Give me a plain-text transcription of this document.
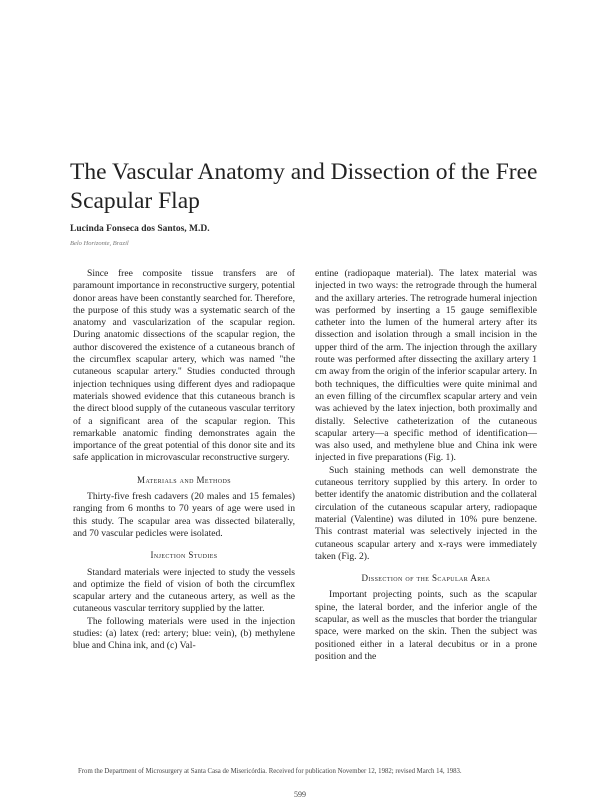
The Vascular Anatomy and Dissection of the Free Scapular Flap
Lucinda Fonseca dos Santos, M.D.
Belo Horizonte, Brazil

Since free composite tissue transfers are of paramount importance in reconstructive surgery, potential donor areas have been constantly searched for. Therefore, the purpose of this study was a systematic search of the anatomy and vascularization of the scapular region. During anatomic dissections of the scapular region, the author discovered the existence of a cutaneous branch of the circumflex scapular artery, which was named "the cutaneous scapular artery." Studies conducted through injection techniques using different dyes and radiopaque materials showed evidence that this cutaneous branch is the direct blood supply of the cutaneous vascular territory of a significant area of the scapular region. This remarkable anatomic finding demonstrates again the importance of the great potential of this donor site and its safe application in microvascular reconstructive surgery.

Materials and Methods

Thirty-five fresh cadavers (20 males and 15 females) ranging from 6 months to 70 years of age were used in this study. The scapular area was dissected bilaterally, and 70 vascular pedicles were isolated.

Injection Studies

Standard materials were injected to study the vessels and optimize the field of vision of both the circumflex scapular artery and the cutaneous artery, as well as the cutaneous vascular territory supplied by the latter.

The following materials were used in the injection studies: (a) latex (red: artery; blue: vein), (b) methylene blue and China ink, and (c) Val-

entine (radiopaque material). The latex material was injected in two ways: the retrograde through the humeral and the axillary arteries. The retrograde humeral injection was performed by inserting a 15 gauge semiflexible catheter into the lumen of the humeral artery after its dissection and isolation through a small incision in the upper third of the arm. The injection through the axillary route was performed after dissecting the axillary artery 1 cm away from the origin of the inferior scapular artery. In both techniques, the difficulties were quite minimal and an even filling of the circumflex scapular artery and vein was achieved by the latex injection, both proximally and distally. Selective catheterization of the cutaneous scapular artery—a specific method of identification—was also used, and methylene blue and China ink were injected in five preparations (Fig. 1).

Such staining methods can well demonstrate the cutaneous territory supplied by this artery. In order to better identify the anatomic distribution and the collateral circulation of the cutaneous scapular artery, radiopaque material (Valentine) was diluted in 10% pure benzene. This contrast material was selectively injected in the cutaneous scapular artery and x-rays were immediately taken (Fig. 2).

Dissection of the Scapular Area

Important projecting points, such as the scapular spine, the lateral border, and the inferior angle of the scapular, as well as the muscles that border the triangular space, were marked on the skin. Then the subject was positioned either in a lateral decubitus or in a prone position and the

From the Department of Microsurgery at Santa Casa de Misericórdia. Received for publication November 12, 1982; revised March 14, 1983.
599
